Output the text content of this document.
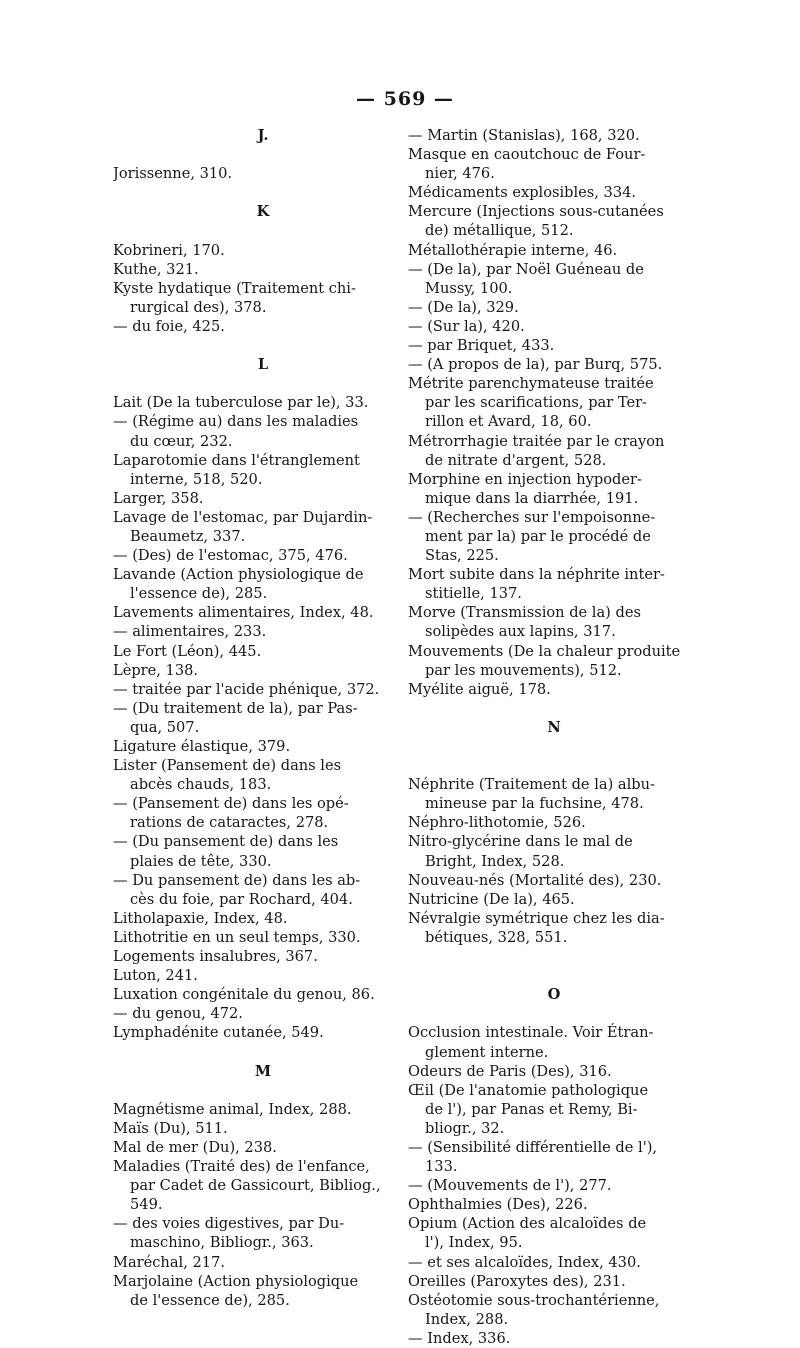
— 569 —
J.
Jorissenne, 310.
K
Kobrineri, 170.
Kuthe, 321.
Kyste hydatique (Traitement chi-
rurgical des), 378.
— du foie, 425.
L
Lait (De la tuberculose par le), 33.
— (Régime au) dans les maladies
du cœur, 232.
Laparotomie dans l'étranglement
interne, 518, 520.
Larger, 358.
Lavage de l'estomac, par Dujardin-
Beaumetz, 337.
— (Des) de l'estomac, 375, 476.
Lavande (Action physiologique de
l'essence de), 285.
Lavements alimentaires, Index, 48.
— alimentaires, 233.
Le Fort (Léon), 445.
Lèpre, 138.
— traitée par l'acide phénique, 372.
— (Du traitement de la), par Pas-
qua, 507.
Ligature élastique, 379.
Lister (Pansement de) dans les
abcès chauds, 183.
— (Pansement de) dans les opé-
rations de cataractes, 278.
— (Du pansement de) dans les
plaies de tête, 330.
— Du pansement de) dans les ab-
cès du foie, par Rochard, 404.
Litholapaxie, Index, 48.
Lithotritie en un seul temps, 330.
Logements insalubres, 367.
Luton, 241.
Luxation congénitale du genou, 86.
— du genou, 472.
Lymphadénite cutanée, 549.
M
Magnétisme animal, Index, 288.
Maïs (Du), 511.
Mal de mer (Du), 238.
Maladies (Traité des) de l'enfance,
par Cadet de Gassicourt, Bibliog.,
549.
— des voies digestives, par Du-
maschino, Bibliogr., 363.
Maréchal, 217.
Marjolaine (Action physiologique
de l'essence de), 285.
— Martin (Stanislas), 168, 320.
Masque en caoutchouc de Four-
nier, 476.
Médicaments explosibles, 334.
Mercure (Injections sous-cutanées
de) métallique, 512.
Métallothérapie interne, 46.
— (De la), par Noël Guéneau de
Mussy, 100.
— (De la), 329.
— (Sur la), 420.
— par Briquet, 433.
— (A propos de la), par Burq, 575.
Métrite parenchymateuse traitée
par les scarifications, par Ter-
rillon et Avard, 18, 60.
Métrorrhagie traitée par le crayon
de nitrate d'argent, 528.
Morphine en injection hypoder-
mique dans la diarrhée, 191.
— (Recherches sur l'empoisonne-
ment par la) par le procédé de
Stas, 225.
Mort subite dans la néphrite inter-
stitielle, 137.
Morve (Transmission de la) des
solipèdes aux lapins, 317.
Mouvements (De la chaleur produite
par les mouvements), 512.
Myélite aiguë, 178.
N
Néphrite (Traitement de la) albu-
mineuse par la fuchsine, 478.
Néphro-lithotomie, 526.
Nitro-glycérine dans le mal de
Bright, Index, 528.
Nouveau-nés (Mortalité des), 230.
Nutricine (De la), 465.
Névralgie symétrique chez les dia-
bétiques, 328, 551.
O
Occlusion intestinale. Voir Étran-
glement interne.
Odeurs de Paris (Des), 316.
Œil (De l'anatomie pathologique
de l'), par Panas et Remy, Bi-
bliogr., 32.
— (Sensibilité différentielle de l'),
133.
— (Mouvements de l'), 277.
Ophthalmies (Des), 226.
Opium (Action des alcaloïdes de
l'), Index, 95.
— et ses alcaloïdes, Index, 430.
Oreilles (Paroxytes des), 231.
Ostéotomie sous-trochantérienne,
Index, 288.
— Index, 336.
